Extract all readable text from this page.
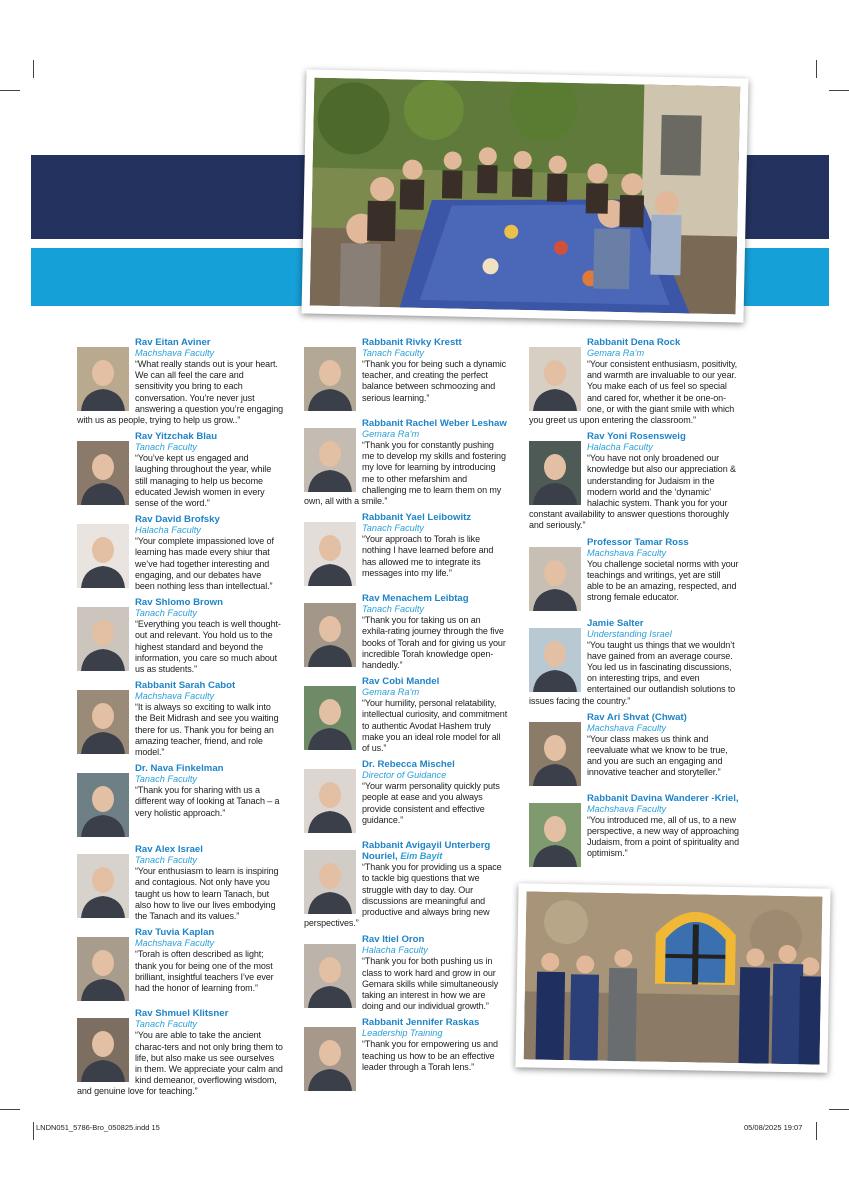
Rav Eitan Aviner
Machshava Faculty
“What really stands out is your heart. We can all feel the care and sensitivity you bring to each conversation. You’re never just answering a question you’re engaging with us as people, trying to help us grow..”
Rav Yitzchak Blau
Tanach Faculty
“You’ve kept us engaged and laughing throughout the year, while still managing to help us become educated Jewish women in every sense of the word.”
Rav David Brofsky
Halacha Faculty
“Your complete impassioned love of learning has made every shiur that we’ve had together interesting and engaging, and our debates have been nothing less than intellectual.”
Rav Shlomo Brown
Tanach Faculty
“Everything you teach is well thought-out and relevant. You hold us to the highest standard and beyond the information, you care so much about us as students.”
Rabbanit Sarah Cabot
Machshava Faculty
“It is always so exciting to walk into the Beit Midrash and see you waiting there for us. Thank you for being an amazing teacher, friend, and role model.”
Dr. Nava Finkelman
Tanach Faculty
“Thank you for sharing with us a different way of looking at Tanach – a very holistic approach.”
Rav Alex Israel
Tanach Faculty
“Your enthusiasm to learn is inspiring and contagious. Not only have you taught us how to learn Tanach, but also how to live our lives embodying the Tanach and its values.”
Rav Tuvia Kaplan
Machshava Faculty
“Torah is often described as light; thank you for being one of the most brilliant, insightful teachers I’ve ever had the honor of learning from.”
Rav Shmuel Klitsner
Tanach Faculty
“You are able to take the ancient charac-ters and not only bring them to life, but also make us see ourselves in them. We appreciate your calm and kind demeanor, overflowing wisdom, and genuine love for teaching.”
Rabbanit Rivky Krestt
Tanach Faculty
“Thank you for being such a dynamic teacher, and creating the perfect balance between schmoozing and serious learning.”
Rabbanit Rachel Weber Leshaw
Gemara Ra’m
“Thank you for constantly pushing me to develop my skills and fostering my love for learning by introducing me to other mefarshim and challenging me to learn them on my own, all with a smile.”
Rabbanit Yael Leibowitz
Tanach Faculty
“Your approach to Torah is like nothing I have learned before and has allowed me to integrate its messages into my life.”
Rav Menachem Leibtag
Tanach Faculty
“Thank you for taking us on an exhila-rating journey through the five books of Torah and for giving us your incredible Torah knowledge open-handedly.”
Rav Cobi Mandel
Gemara Ra’m
“Your humility, personal relatability, intellectual curiosity, and commitment to authentic Avodat Hashem truly make you an ideal role model for all of us.”
Dr. Rebecca Mischel
Director of Guidance
“Your warm personality quickly puts people at ease and you always provide consistent and effective guidance.”
Rabbanit Avigayil Unterberg Nouriel, Eim Bayit
“Thank you for providing us a space to tackle big questions that we struggle with day to day. Our discussions are meaningful and productive and always bring new perspectives.”
Rav Itiel Oron
Halacha Faculty
“Thank you for both pushing us in class to work hard and grow in our Gemara skills while simultaneously taking an interest in how we are doing and our individual growth.”
Rabbanit Jennifer Raskas
Leadership Training
“Thank you for empowering us and teaching us how to be an effective leader through a Torah lens.”
Rabbanit Dena Rock
Gemara Ra’m
“Your consistent enthusiasm, positivity, and warmth are invaluable to our year. You make each of us feel so special and cared for, whether it be one-on-one, or with the giant smile with which you greet us upon entering the classroom.”
Rav Yoni Rosensweig
Halacha Faculty
“You have not only broadened our knowledge but also our appreciation & understanding for Judaism in the modern world and the ‘dynamic’ halachic system. Thank you for your constant availability to answer questions thoroughly and seriously.”
Professor Tamar Ross
Machshava Faculty
You challenge societal norms with your teachings and writings, yet are still able to be an amazing, respected, and strong female educator.
Jamie Salter
Understanding Israel
“You taught us things that we wouldn’t have gained from an average course. You led us in fascinating discussions, on interesting trips, and even entertained our outlandish solutions to issues facing the country.”
Rav Ari Shvat (Chwat)
Machshava Faculty
“Your class makes us think and reevaluate what we know to be true, and you are such an engaging and innovative teacher and storyteller.”
Rabbanit Davina Wanderer -Kriel,
Machshava Faculty
“You introduced me, all of us, to a new perspective, a new way of approaching Judaism, from a point of spirituality and optimism.”
LNDN051_5786-Bro_050825.indd 15	05/08/2025 19:07
